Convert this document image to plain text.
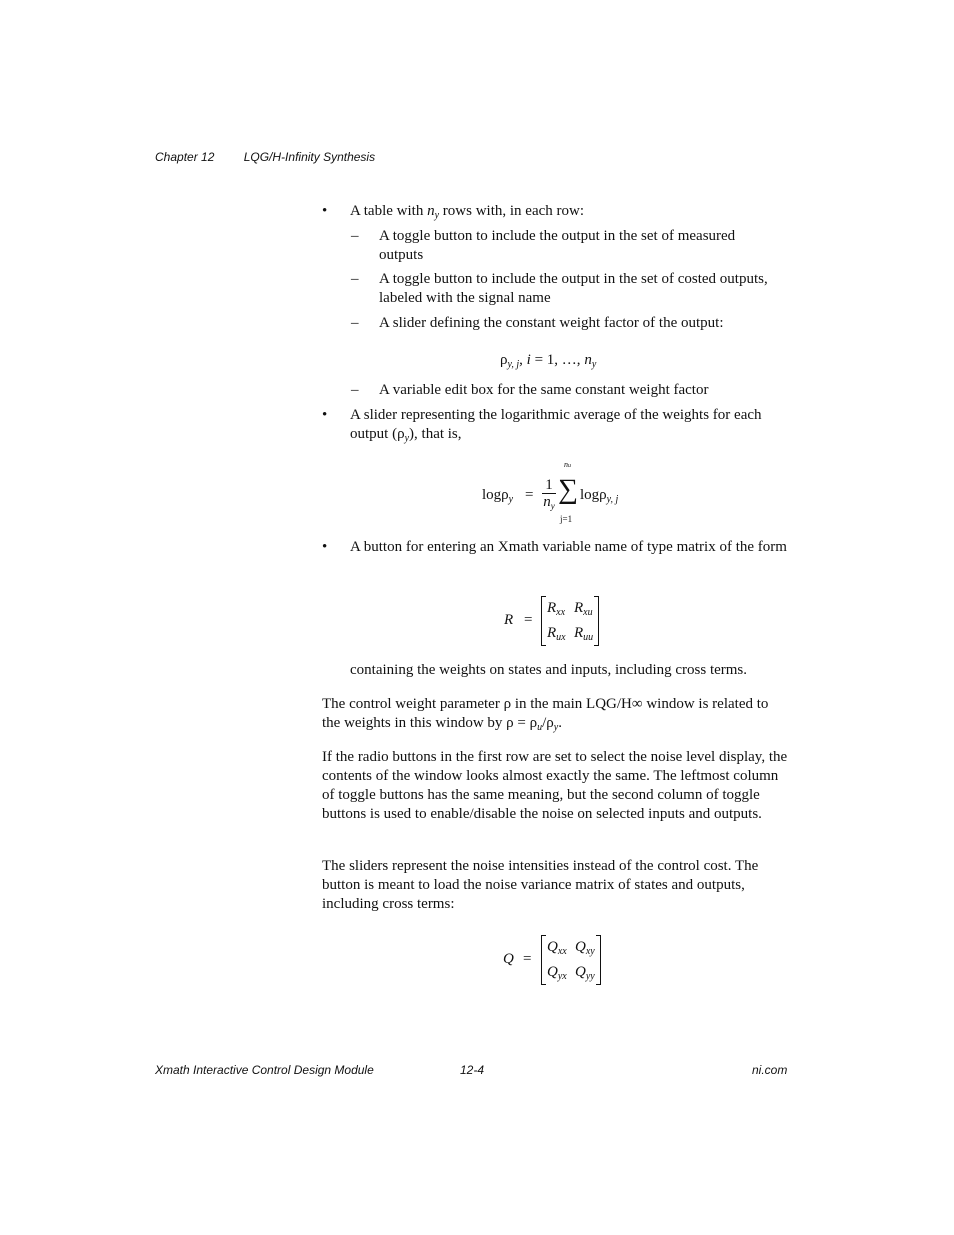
Chapter 12 LQG/H-Infinity Synthesis
• A table with $n_y$ rows with, in each row:
– A toggle button to include the output in the set of measured outputs
– A toggle button to include the output in the set of costed outputs, labeled with the signal name
– A slider defining the constant weight factor of the output:
$\rho_{y, j}$, i = 1, …, $n_y$
– A variable edit box for the same constant weight factor
• A slider representing the logarithmic average of the weights for each
output $(\rho_y)$, that is,
logρ$_y$ =
1
$n_y$
nu
∑
j=1
logρ$_{y, j}$
• A button for entering an Xmath variable name of type matrix of the form
R =
$R_{xx}$ $R_{xu}$
$R_{ux}$ $R_{uu}$
containing the weights on states and inputs, including cross terms.
The control weight parameter ρ in the main LQG/H∞ window is related to
the weights in this window by $\rho = \rho_u/\rho_y$.
If the radio buttons in the first row are set to select the noise level display, the contents of the window looks almost exactly the same. The leftmost column of toggle buttons has the same meaning, but the second column of toggle buttons is used to enable/disable the noise on selected inputs and outputs.
The sliders represent the noise intensities instead of the control cost. The button is meant to load the noise variance matrix of states and outputs, including cross terms:
Q =
$Q_{xx}$ $Q_{xy}$
$Q_{yx}$ $Q_{yy}$
Xmath Interactive Control Design Module	12-4	ni.com
